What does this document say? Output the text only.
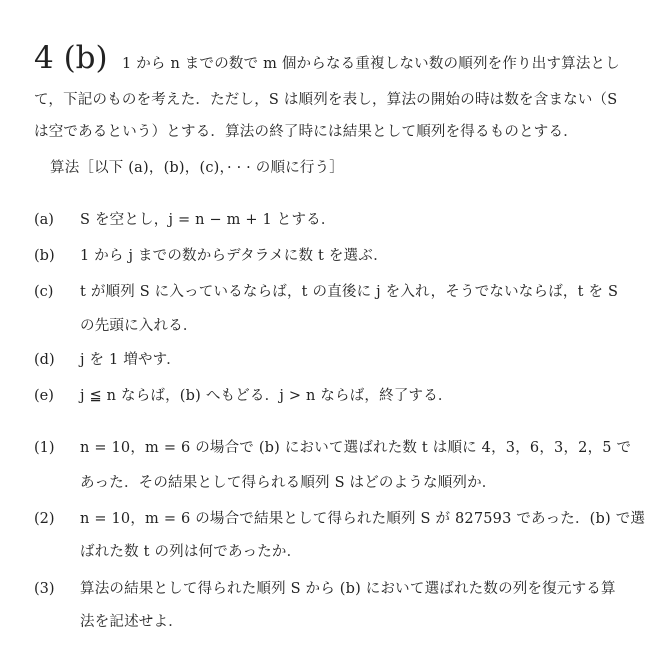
4 (b) 1 から n までの数で m 個からなる重複しない数の順列を作り出す算法とし
て，下記のものを考えた．ただし，S は順列を表し，算法の開始の時は数を含まない（S
は空であるという）とする．算法の終了時には結果として順列を得るものとする．
算法［以下 (a)，(b)，(c)，· · · の順に行う］
(a) S を空とし，j = n − m + 1 とする．
(b) 1 から j までの数からデタラメに数 t を選ぶ．
(c) t が順列 S に入っているならば，t の直後に j を入れ，そうでないならば，t を S
の先頭に入れる．
(d) j を 1 増やす．
(e) j ≦ n ならば，(b) へもどる．j > n ならば，終了する．
(1) n = 10，m = 6 の場合で (b) において選ばれた数 t は順に 4，3，6，3，2，5 で
あった．その結果として得られる順列 S はどのような順列か．
(2) n = 10，m = 6 の場合で結果として得られた順列 S が 827593 であった．(b) で選
ばれた数 t の列は何であったか．
(3) 算法の結果として得られた順列 S から (b) において選ばれた数の列を復元する算
法を記述せよ．
